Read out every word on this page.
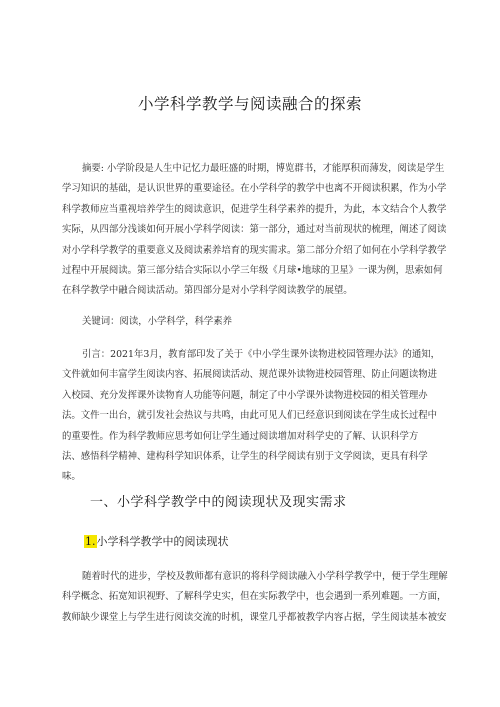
小学科学教学与阅读融合的探索
摘要: 小学阶段是人生中记忆力最旺盛的时期，博览群书，才能厚积而薄发，阅读是学生
学习知识的基础，是认识世界的重要途径。在小学科学的教学中也离不开阅读积累，作为小学
科学教师应当重视培养学生的阅读意识，促进学生科学素养的提升，为此，本文结合个人教学
实际，从四部分浅谈如何开展小学科学阅读：第一部分，通过对当前现状的梳理，阐述了阅读
对小学科学教学的重要意义及阅读素养培育的现实需求。第二部分介绍了如何在小学科学教学
过程中开展阅读。第三部分结合实际以小学三年级《月球•地球的卫星》一课为例，思索如何
在科学教学中融合阅读活动。第四部分是对小学科学阅读教学的展望。
关键词：阅读，小学科学，科学素养
引言：2021年3月，教育部印发了关于《中小学生课外读物进校园管理办法》的通知，
文件就如何丰富学生阅读内容、拓展阅读活动、规范课外读物进校园管理、防止问题读物进
入校园、充分发挥课外读物育人功能等问题，制定了中小学课外读物进校园的相关管理办
法。文件一出台，就引发社会热议与共鸣，由此可见人们已经意识到阅读在学生成长过程中
的重要性。作为科学教师应思考如何让学生通过阅读增加对科学史的了解、认识科学方
法、感悟科学精神、建构科学知识体系，让学生的科学阅读有别于文学阅读，更具有科学
味。
一、小学科学教学中的阅读现状及现实需求
1.小学科学教学中的阅读现状
随着时代的进步，学校及教师都有意识的将科学阅读融入小学科学教学中，便于学生理解
科学概念、拓宽知识视野、了解科学史实，但在实际教学中，也会遇到一系列难题。一方面，
教师缺少课堂上与学生进行阅读交流的时机，课堂几乎都被教学内容占据，学生阅读基本被安
